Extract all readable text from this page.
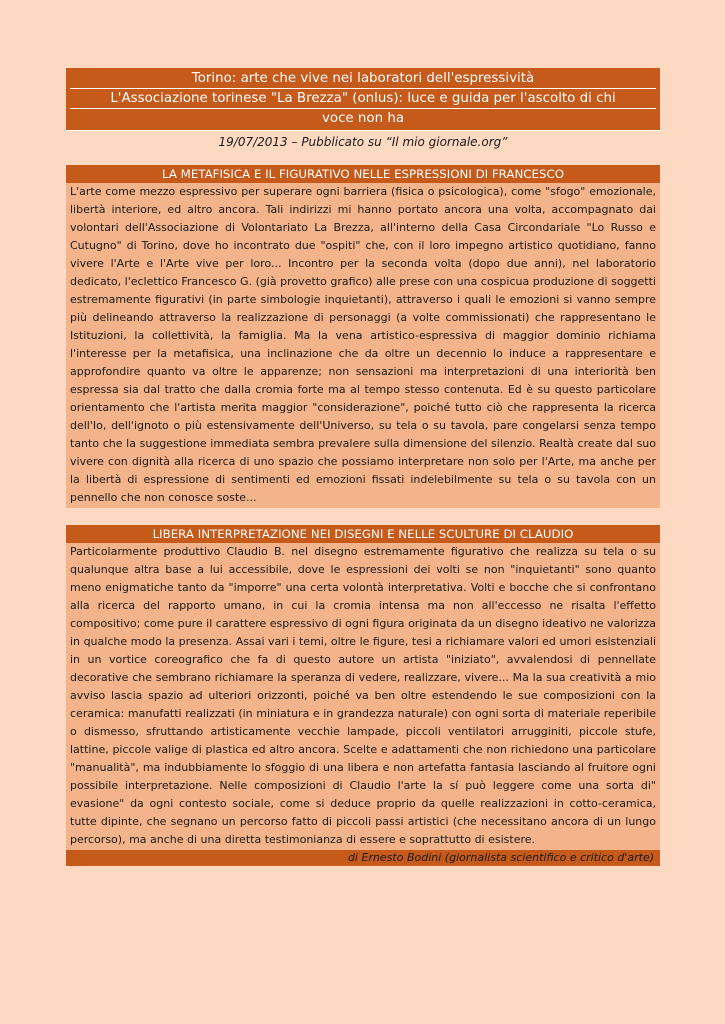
Torino: arte che vive nei laboratori dell'espressività
L'Associazione torinese "La Brezza" (onlus): luce e guida per l'ascolto di chi
voce non ha
19/07/2013 – Pubblicato su “Il mio giornale.org”
LA METAFISICA E IL FIGURATIVO NELLE ESPRESSIONI DI FRANCESCO
L'arte come mezzo espressivo per superare ogni barriera (fisica o psicologica), come "sfogo" emozionale, libertà interiore, ed altro ancora. Tali indirizzi mi hanno portato ancora una volta, accompagnato dai volontari dell'Associazione di Volontariato La Brezza, all'interno della Casa Circondariale "Lo Russo e Cutugno" di Torino, dove ho incontrato due "ospiti" che, con il loro impegno artistico quotidiano, fanno vivere l'Arte e l'Arte vive per loro... Incontro per la seconda volta (dopo due anni), nel laboratorio dedicato, l'eclettico Francesco G. (già provetto grafico) alle prese con una cospicua produzione di soggetti estremamente figurativi (in parte simbologie inquietanti), attraverso i quali le emozioni si vanno sempre più delineando attraverso la realizzazione di personaggi (a volte commissionati) che rappresentano le Istituzioni, la collettività, la famiglia. Ma la vena artistico-espressiva di maggior dominio richiama l'interesse per la metafisica, una inclinazione che da oltre un decennio lo induce a rappresentare e approfondire quanto va oltre le apparenze; non sensazioni ma interpretazioni di una interiorità ben espressa sia dal tratto che dalla cromia forte ma al tempo stesso contenuta. Ed è su questo particolare orientamento che l'artista merita maggior "considerazione", poiché tutto ciò che rappresenta la ricerca dell'Io, dell'ignoto o più estensivamente dell'Universo, su tela o su tavola, pare congelarsi senza tempo tanto che la suggestione immediata sembra prevalere sulla dimensione del silenzio. Realtà create dal suo vivere con dignità alla ricerca di uno spazio che possiamo interpretare non solo per l'Arte, ma anche per la libertà di espressione di sentimenti ed emozioni fissati indelebilmente su tela o su tavola con un pennello che non conosce soste...
LIBERA INTERPRETAZIONE NEI DISEGNI E NELLE SCULTURE DI CLAUDIO
Particolarmente produttivo Claudio B. nel disegno estremamente figurativo che realizza su tela o su qualunque altra base a lui accessibile, dove le espressioni dei volti se non "inquietanti" sono quanto meno enigmatiche tanto da "imporre" una certa volontà interpretativa. Volti e bocche che si confrontano alla ricerca del rapporto umano, in cui la cromia intensa ma non all'eccesso ne risalta l'effetto compositivo; come pure il carattere espressivo di ogni figura originata da un disegno ideativo ne valorizza in qualche modo la presenza. Assai vari i temi, oltre le figure, tesi a richiamare valori ed umori esistenziali in un vortice coreografico che fa di questo autore un artista "iniziato", avvalendosi di pennellate decorative che sembrano richiamare la speranza di vedere, realizzare, vivere... Ma la sua creatività a mio avviso lascia spazio ad ulteriori orizzonti, poiché va ben oltre estendendo le sue composizioni con la ceramica: manufatti realizzati (in miniatura e in grandezza naturale) con ogni sorta di materiale reperibile o dismesso, sfruttando artisticamente vecchie lampade, piccoli ventilatori arrugginiti, piccole stufe, lattine, piccole valige di plastica ed altro ancora. Scelte e adattamenti che non richiedono una particolare "manualità", ma indubbiamente lo sfoggio di una libera e non artefatta fantasia lasciando al fruitore ogni possibile interpretazione. Nelle composizioni di Claudio l'arte la sí può leggere come una sorta di" evasione" da ogni contesto sociale, come si deduce proprio da quelle realizzazioni in cotto-ceramica, tutte dipinte, che segnano un percorso fatto di piccoli passi artistici (che necessitano ancora di un lungo percorso), ma anche di una diretta testimonianza di essere e soprattutto di esistere.
di Ernesto Bodini (giornalista scientifico e critico d'arte)
